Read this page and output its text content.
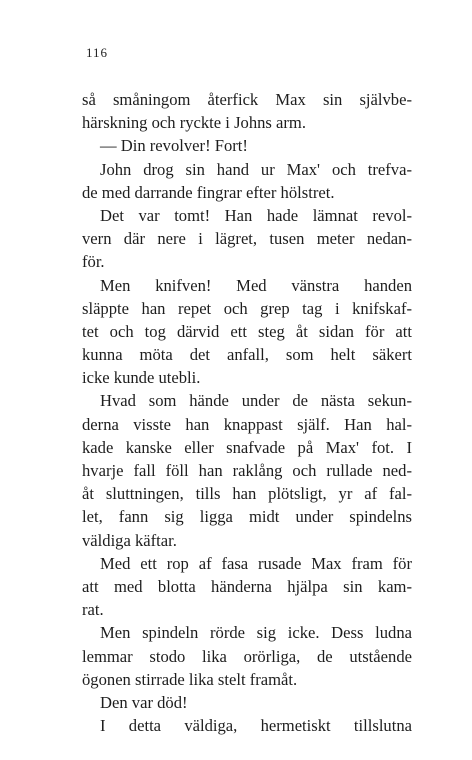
116
så småningom återfick Max sin självbe-
härskning och ryckte i Johns arm.
— Din revolver! Fort!
John drog sin hand ur Max' och trefva-
de med darrande fingrar efter hölstret.
Det var tomt! Han hade lämnat revol-
vern där nere i lägret, tusen meter nedan-
för.
Men knifven! Med vänstra handen
släppte han repet och grep tag i knifskaf-
tet och tog därvid ett steg åt sidan för att
kunna möta det anfall, som helt säkert
icke kunde utebli.
Hvad som hände under de nästa sekun-
derna visste han knappast själf. Han hal-
kade kanske eller snafvade på Max' fot. I
hvarje fall föll han raklång och rullade ned-
åt sluttningen, tills han plötsligt, yr af fal-
let, fann sig ligga midt under spindelns
väldiga käftar.
Med ett rop af fasa rusade Max fram för
att med blotta händerna hjälpa sin kam-
rat.
Men spindeln rörde sig icke. Dess ludna
lemmar stodo lika orörliga, de utstående
ögonen stirrade lika stelt framåt.
Den var död!
I detta väldiga, hermetiskt tillslutna
